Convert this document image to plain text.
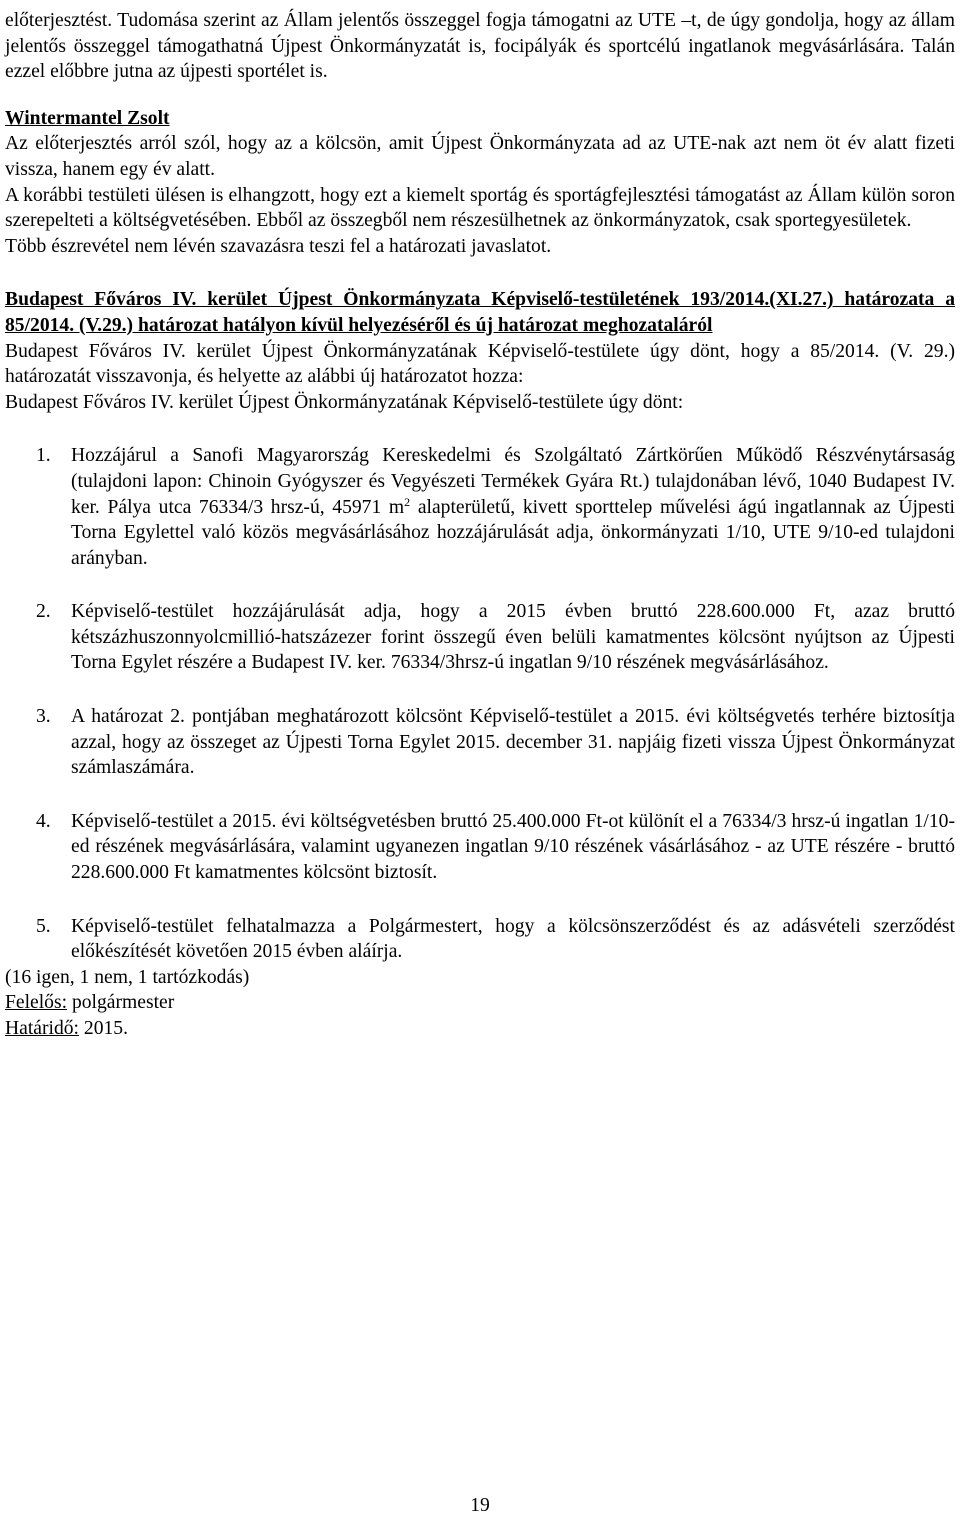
előterjesztést. Tudomása szerint az Állam jelentős összeggel fogja támogatni az UTE –t, de úgy gondolja, hogy az állam jelentős összeggel támogathatná Újpest Önkormányzatát is, focipályák és sportcélú ingatlanok megvásárlására. Talán ezzel előbbre jutna az újpesti sportélet is.

Wintermantel Zsolt

Az előterjesztés arról szól, hogy az a kölcsön, amit Újpest Önkormányzata ad az UTE-nak azt nem öt év alatt fizeti vissza, hanem egy év alatt.

A korábbi testületi ülésen is elhangzott, hogy ezt a kiemelt sportág és sportágfejlesztési támogatást az Állam külön soron szerepelteti a költségvetésében. Ebből az összegből nem részesülhetnek az önkormányzatok, csak sportegyesületek.

Több észrevétel nem lévén szavazásra teszi fel a határozati javaslatot.

Budapest Főváros IV. kerület Újpest Önkormányzata Képviselő-testületének 193/2014.(XI.27.) határozata a 85/2014. (V.29.) határozat hatályon kívül helyezéséről és új határozat meghozataláról

Budapest Főváros IV. kerület Újpest Önkormányzatának Képviselő-testülete úgy dönt, hogy a 85/2014. (V. 29.) határozatát visszavonja, és helyette az alábbi új határozatot hozza:

Budapest Főváros IV. kerület Újpest Önkormányzatának Képviselő-testülete úgy dönt:

1. Hozzájárul a Sanofi Magyarország Kereskedelmi és Szolgáltató Zártkörűen Működő Részvénytársaság (tulajdoni lapon: Chinoin Gyógyszer és Vegyészeti Termékek Gyára Rt.) tulajdonában lévő, 1040 Budapest IV. ker. Pálya utca 76334/3 hrsz-ú, 45971 $m^2$ alapterületű, kivett sporttelep művelési ágú ingatlannak az Újpesti Torna Egylettel való közös megvásárlásához hozzájárulását adja, önkormányzati 1/10, UTE 9/10-ed tulajdoni arányban.
2. Képviselő-testület hozzájárulását adja, hogy a 2015 évben bruttó 228.600.000 Ft, azaz bruttó kétszázhuszonnyolcmillió-hatszázezer forint összegű éven belüli kamatmentes kölcsönt nyújtson az Újpesti Torna Egylet részére a Budapest IV. ker. 76334/3hrsz-ú ingatlan 9/10 részének megvásárlásához.
3. A határozat 2. pontjában meghatározott kölcsönt Képviselő-testület a 2015. évi költségvetés terhére biztosítja azzal, hogy az összeget az Újpesti Torna Egylet 2015. december 31. napjáig fizeti vissza Újpest Önkormányzat számlaszámára.
4. Képviselő-testület a 2015. évi költségvetésben bruttó 25.400.000 Ft-ot különít el a 76334/3 hrsz-ú ingatlan 1/10-ed részének megvásárlására, valamint ugyanezen ingatlan 9/10 részének vásárlásához - az UTE részére - bruttó 228.600.000 Ft kamatmentes kölcsönt biztosít.
5. Képviselő-testület felhatalmazza a Polgármestert, hogy a kölcsönszerződést és az adásvételi szerződést előkészítését követően 2015 évben aláírja.

(16 igen, 1 nem, 1 tartózkodás)

Felelős: polgármester

Határidő: 2015.

19
